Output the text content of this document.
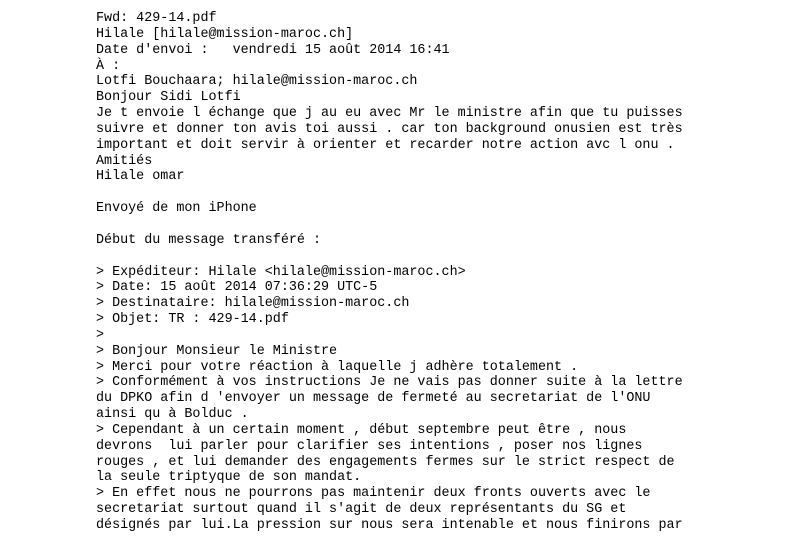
Fwd: 429-14.pdf
Hilale [hilale@mission-maroc.ch]
Date d'envoi :   vendredi 15 août 2014 16:41
À :
Lotfi Bouchaara; hilale@mission-maroc.ch
Bonjour Sidi Lotfi
Je t envoie l échange que j au eu avec Mr le ministre afin que tu puisses
suivre et donner ton avis toi aussi . car ton background onusien est très
important et doit servir à orienter et recarder notre action avc l onu .
Amitiés
Hilale omar
Envoyé de mon iPhone
Début du message transféré :
> Expéditeur: Hilale <hilale@mission-maroc.ch>
> Date: 15 août 2014 07:36:29 UTC-5
> Destinataire: hilale@mission-maroc.ch
> Objet: TR : 429-14.pdf
>
> Bonjour Monsieur le Ministre
> Merci pour votre réaction à laquelle j adhère totalement .
> Conformément à vos instructions Je ne vais pas donner suite à la lettre
du DPKO afin d 'envoyer un message de fermeté au secretariat de l'ONU
ainsi qu à Bolduc .
> Cependant à un certain moment , début septembre peut être , nous
devrons  lui parler pour clarifier ses intentions , poser nos lignes
rouges , et lui demander des engagements fermes sur le strict respect de
la seule triptyque de son mandat.
> En effet nous ne pourrons pas maintenir deux fronts ouverts avec le
secretariat surtout quand il s'agit de deux représentants du SG et
désignés par lui.La pression sur nous sera intenable et nous finirons par
